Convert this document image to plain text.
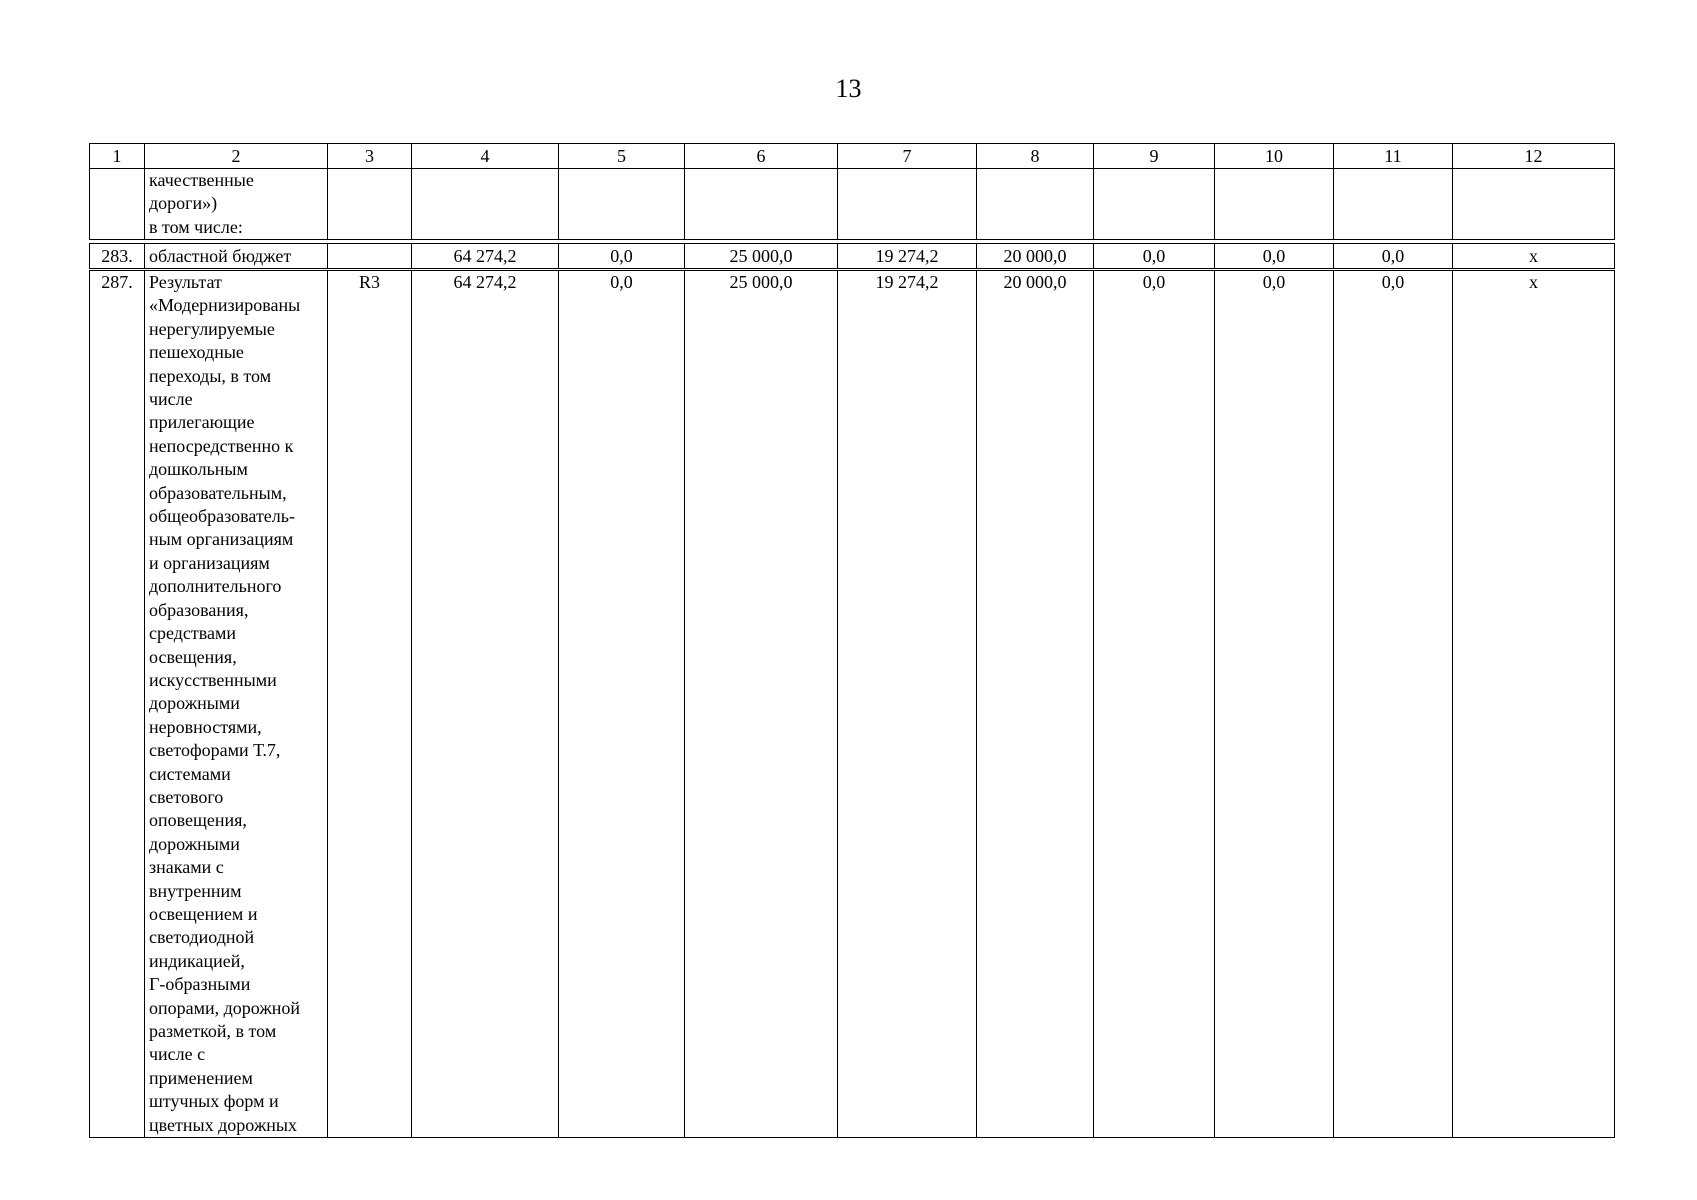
13
1	2	3	4	5	6	7	8	9	10	11	12

качественные
дороги»)
в том числе:

283.	областной бюджет		64 274,2	0,0	25 000,0	19 274,2	20 000,0	0,0	0,0	0,0	x
287.	Результат
«Модернизированы
нерегулируемые
пешеходные
переходы, в том
числе
прилегающие
непосредственно к
дошкольным
образовательным,
общеобразователь-
ным организациям
и организациям
дополнительного
образования,
средствами
освещения,
искусственными
дорожными
неровностями,
светофорами Т.7,
системами
светового
оповещения,
дорожными
знаками с
внутренним
освещением и
светодиодной
индикацией,
Г-образными
опорами, дорожной
разметкой, в том
числе с
применением
штучных форм и
цветных дорожных
	R3	64 274,2	0,0	25 000,0	19 274,2	20 000,0	0,0	0,0	0,0	x
